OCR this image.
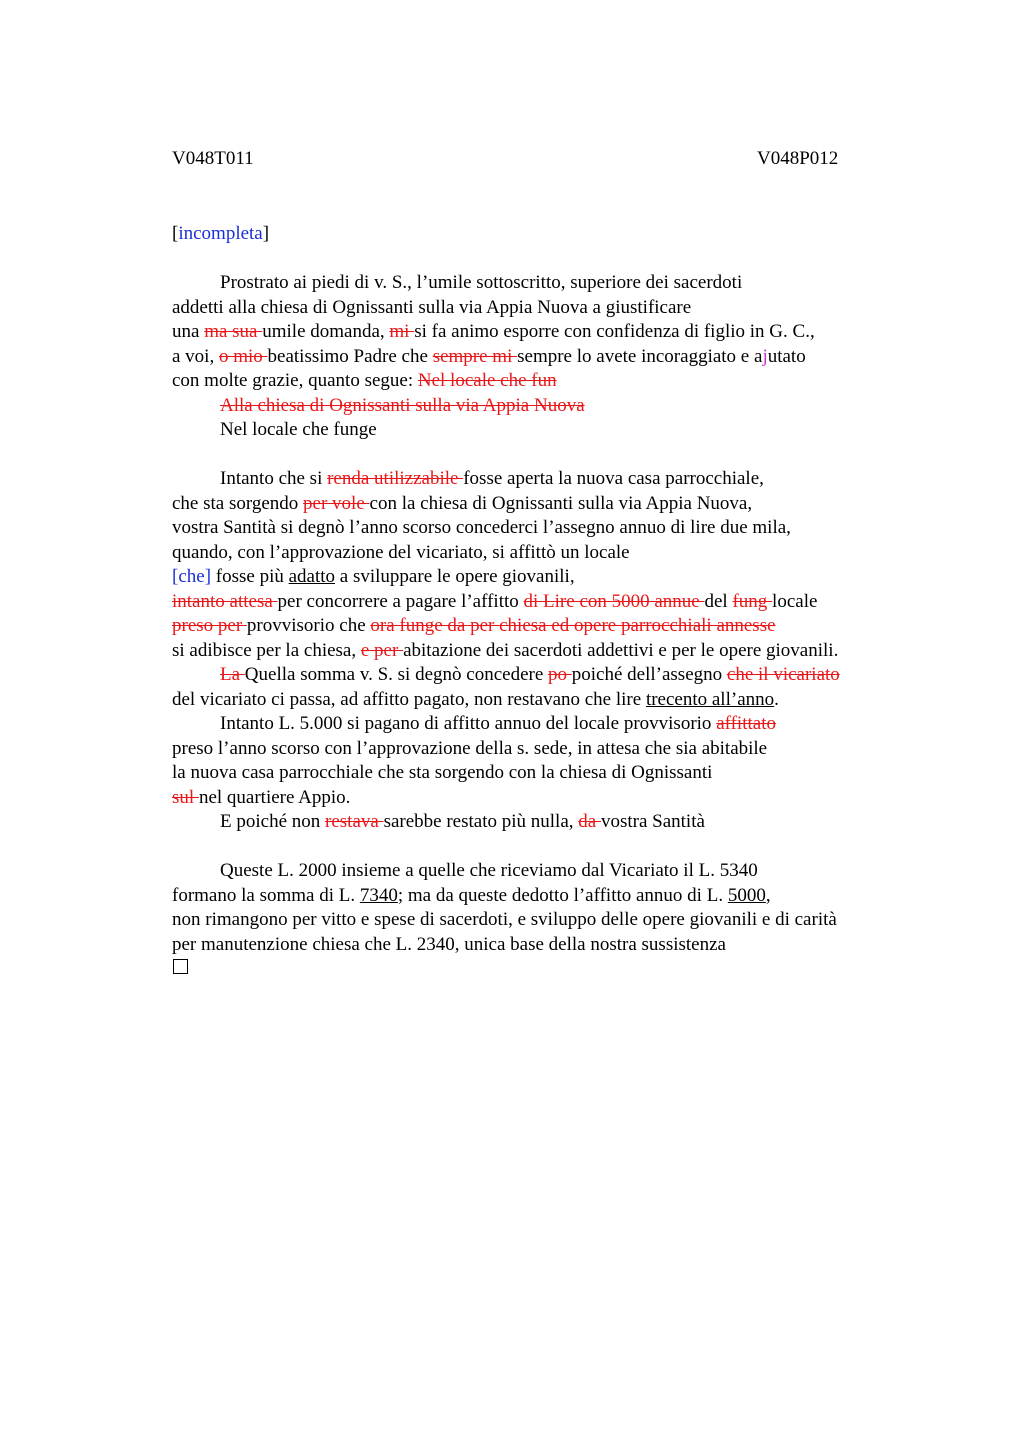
V048T011	V048P012
[incompleta]
Prostrato ai piedi di v. S., l’umile sottoscritto, superiore dei sacerdoti
addetti alla chiesa di Ognissanti sulla via Appia Nuova a giustificare
una ma sua umile domanda, mi si fa animo esporre con confidenza di figlio in G. C.,
a voi, o mio beatissimo Padre che sempre mi sempre lo avete incoraggiato e ajutato
con molte grazie, quanto segue: Nel locale che fun
Alla chiesa di Ognissanti sulla via Appia Nuova
Nel locale che funge
Intanto che si renda utilizzabile fosse aperta la nuova casa parrocchiale,
che sta sorgendo per vole con la chiesa di Ognissanti sulla via Appia Nuova,
vostra Santità si degnò l’anno scorso concederci l’assegno annuo di lire due mila,
quando, con l’approvazione del vicariato, si affittò un locale
[che] fosse più adatto a sviluppare le opere giovanili,
intanto attesa per concorrere a pagare l’affitto di Lire con 5000 annue del fung locale
preso per provvisorio che ora funge da per chiesa ed opere parrocchiali annesse
si adibisce per la chiesa, e per abitazione dei sacerdoti addettivi e per le opere giovanili.
La Quella somma v. S. si degnò concedere po poiché dell’assegno che il vicariato
del vicariato ci passa, ad affitto pagato, non restavano che lire trecento all’anno.
Intanto L. 5.000 si pagano di affitto annuo del locale provvisorio affittato
preso l’anno scorso con l’approvazione della s. sede, in attesa che sia abitabile
la nuova casa parrocchiale che sta sorgendo con la chiesa di Ognissanti
sul nel quartiere Appio.
E poiché non restava sarebbe restato più nulla, da vostra Santità
Queste L. 2000 insieme a quelle che riceviamo dal Vicariato il L. 5340
formano la somma di L. 7340; ma da queste dedotto l’affitto annuo di L. 5000,
non rimangono per vitto e spese di sacerdoti, e sviluppo delle opere giovanili e di carità
per manutenzione chiesa che L. 2340, unica base della nostra sussistenza
